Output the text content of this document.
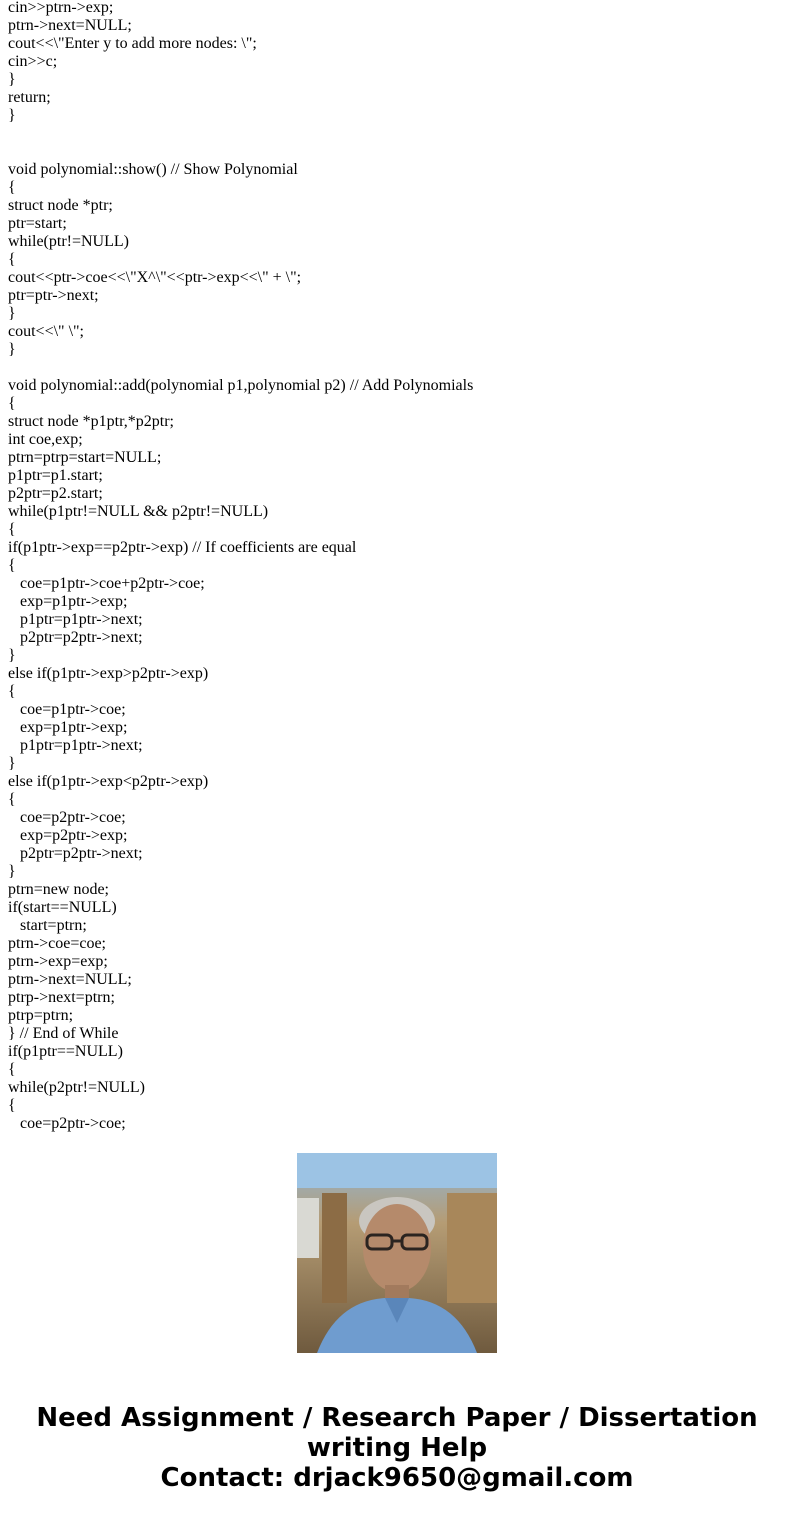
cin>>ptrn->exp;
ptrn->next=NULL;
cout<<\"Enter y to add more nodes: \";
cin>>c;
}
return;
}
void polynomial::show() // Show Polynomial
{
struct node *ptr;
ptr=start;
while(ptr!=NULL)
{
cout<<ptr->coe<<\"X^\"<<ptr->exp<<\" + \";
ptr=ptr->next;
}
cout<<\" \";
}
void polynomial::add(polynomial p1,polynomial p2) // Add Polynomials
{
struct node *p1ptr,*p2ptr;
int coe,exp;
ptrn=ptrp=start=NULL;
p1ptr=p1.start;
p2ptr=p2.start;
while(p1ptr!=NULL && p2ptr!=NULL)
{
if(p1ptr->exp==p2ptr->exp) // If coefficients are equal
{
coe=p1ptr->coe+p2ptr->coe;
exp=p1ptr->exp;
p1ptr=p1ptr->next;
p2ptr=p2ptr->next;
}
else if(p1ptr->exp>p2ptr->exp)
{
coe=p1ptr->coe;
exp=p1ptr->exp;
p1ptr=p1ptr->next;
}
else if(p1ptr->exp<p2ptr->exp)
{
coe=p2ptr->coe;
exp=p2ptr->exp;
p2ptr=p2ptr->next;
}
ptrn=new node;
if(start==NULL)
start=ptrn;
ptrn->coe=coe;
ptrn->exp=exp;
ptrn->next=NULL;
ptrp->next=ptrn;
ptrp=ptrn;
} // End of While
if(p1ptr==NULL)
{
while(p2ptr!=NULL)
{
coe=p2ptr->coe;
Need Assignment / Research Paper / Dissertation
writing Help
Contact: drjack9650@gmail.com
